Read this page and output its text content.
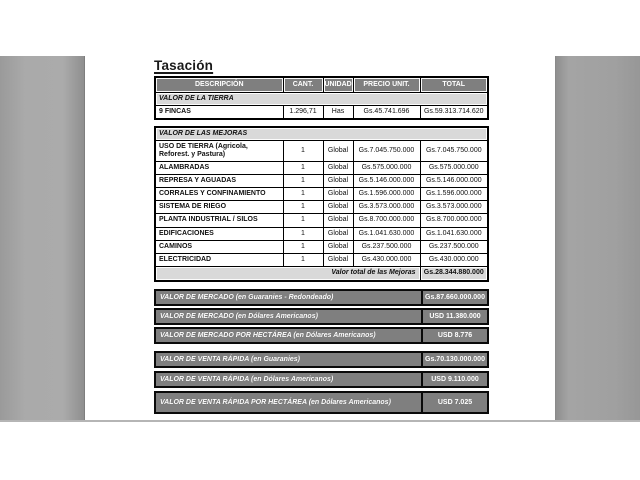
Tasación
DESCRIPCIÓN	CANT.	UNIDAD	PRECIO UNIT.	TOTAL
VALOR DE LA TIERRA				
9 FINCAS	1.296,71	Has	Gs.45.741.696	Gs.59.313.714.620
VALOR DE LAS MEJORAS				
USO DE TIERRA (Agricola, Reforest. y Pastura)	1	Global	Gs.7.045.750.000	Gs.7.045.750.000
ALAMBRADAS	1	Global	Gs.575.000.000	Gs.575.000.000
REPRESA Y AGUADAS	1	Global	Gs.5.146.000.000	Gs.5.146.000.000
CORRALES Y CONFINAMIENTO	1	Global	Gs.1.596.000.000	Gs.1.596.000.000
SISTEMA DE RIEGO	1	Global	Gs.3.573.000.000	Gs.3.573.000.000
PLANTA INDUSTRIAL / SILOS	1	Global	Gs.8.700.000.000	Gs.8.700.000.000
EDIFICACIONES	1	Global	Gs.1.041.630.000	Gs.1.041.630.000
CAMINOS	1	Global	Gs.237.500.000	Gs.237.500.000
ELECTRICIDAD	1	Global	Gs.430.000.000	Gs.430.000.000
Valor total de las Mejoras				Gs.28.344.880.000
VALOR DE MERCADO (en Guaranies - Redondeado)	Gs.87.660.000.000
VALOR DE MERCADO (en Dólares Americanos)	USD 11.380.000
VALOR DE MERCADO POR HECTÁREA (en Dólares Americanos)	USD 8.776
VALOR DE VENTA RÁPIDA (en Guaranies)	Gs.70.130.000.000
VALOR DE VENTA RÁPIDA (en Dólares Americanos)	USD 9.110.000
VALOR DE VENTA RÁPIDA POR HECTÁREA (en Dólares Americanos)	USD 7.025
